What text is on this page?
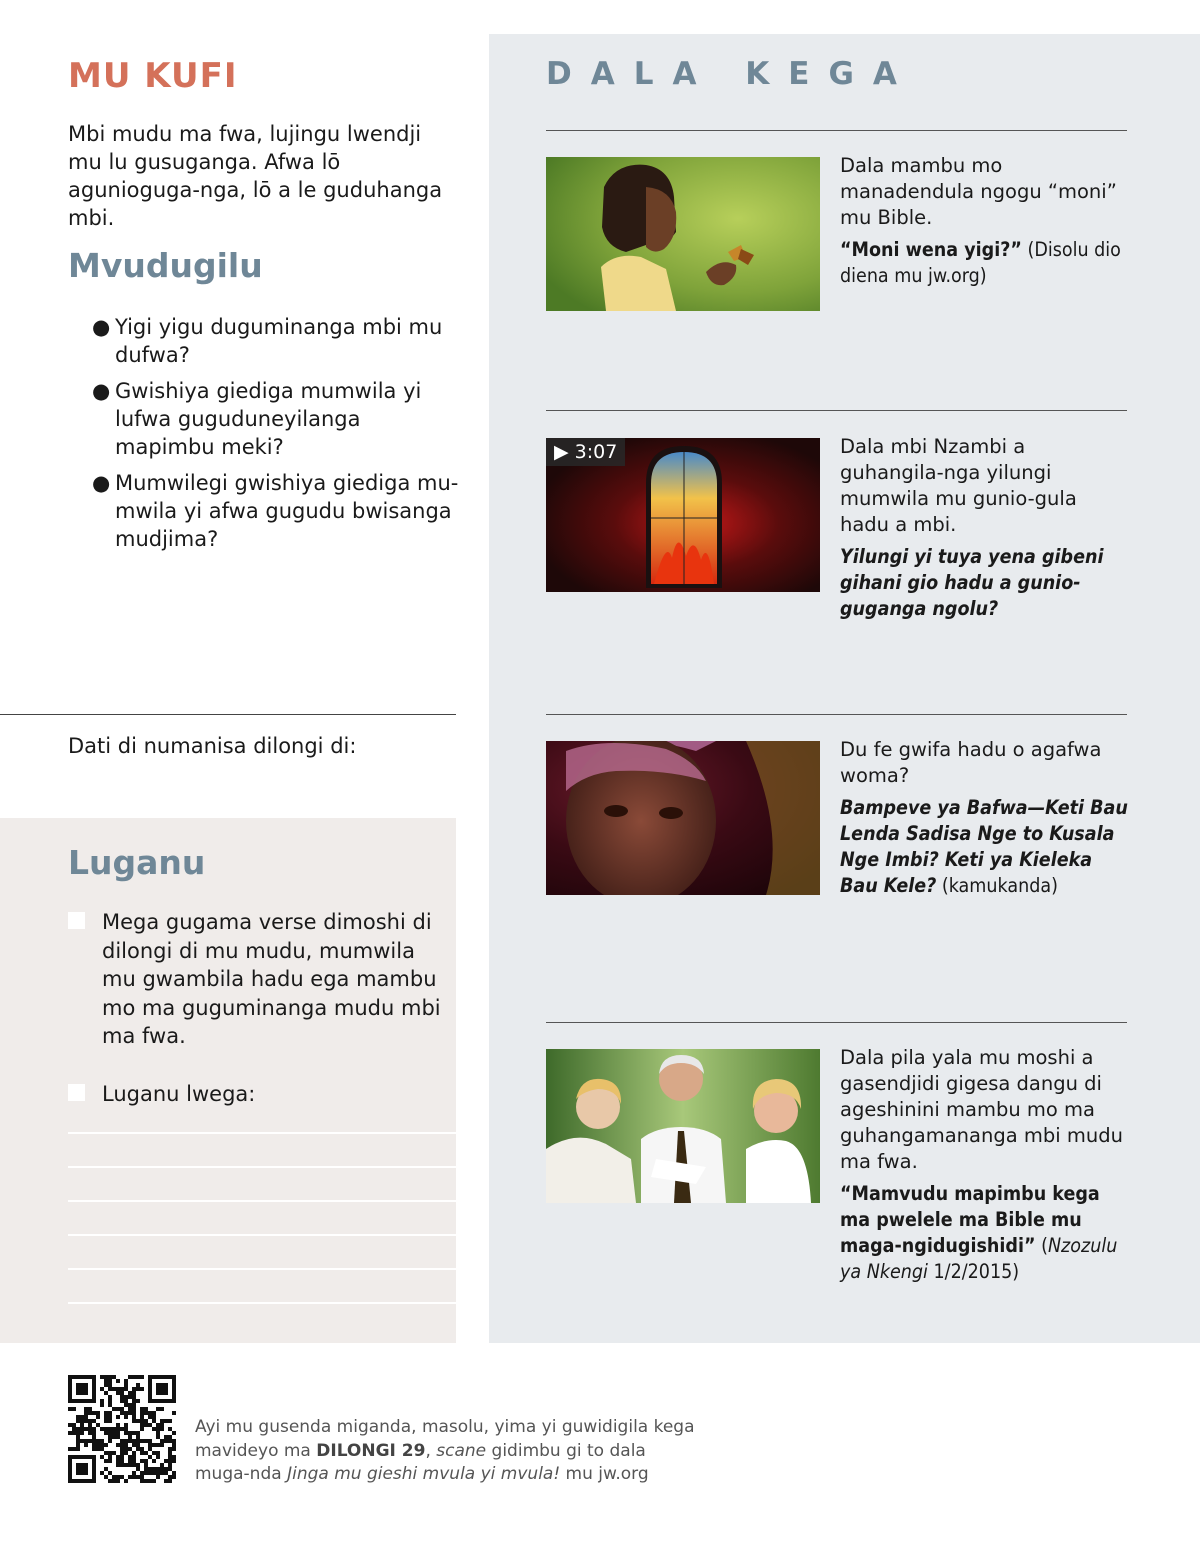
MU KUFI
Mbi mudu ma fwa, lujingu lwendji mu lu gusuganga. Afwa lō agunioguga-nga, lō a le guduhanga mbi.
Mvudugilu
● Yigi yigu duguminanga mbi mu dufwa?
● Gwishiya giediga mumwila yi lufwa guguduneyilanga mapimbu meki?
● Mumwilegi gwishiya giediga mu-mwila yi afwa gugudu bwisanga mudjima?
Dati di numanisa dilongi di:
Luganu
Mega gugama verse dimoshi di dilongi di mu mudu, mumwila mu gwambila hadu ega mambu mo ma guguminanga mudu mbi ma fwa.
Luganu lwega:
DALA KEGA

Dala mambu mo manadendula ngogu “moni” mu Bible.

“Moni wena yigi?” (Disolu dio diena mu jw.org)

▶ 3:07	Dala mbi Nzambi a guhangila-nga yilungi mumwila mu gunio-gula hadu a mbi.

Yilungi yi tuya yena gibeni gihani gio hadu a gunio-guganga ngolu?

Du fe gwifa hadu o agafwa woma?

Bampeve ya Bafwa—Keti Bau Lenda Sadisa Nge to Kusala Nge Imbi? Keti ya Kieleka Bau Kele? (kamukanda)

Dala pila yala mu moshi a gasendjidi gigesa dangu di ageshinini mambu mo ma guhangamananga mbi mudu ma fwa.

“Mamvudu mapimbu kega ma pwelele ma Bible mu maga-ngidugishidi” (Nzozulu ya Nkengi 1/2/2015)

Ayi mu gusenda miganda, masolu, yima yi guwidigila kega mavideyo ma DILONGI 29, scane gidimbu gi to dala muga-nda Jinga mu gieshi mvula yi mvula! mu jw.org
